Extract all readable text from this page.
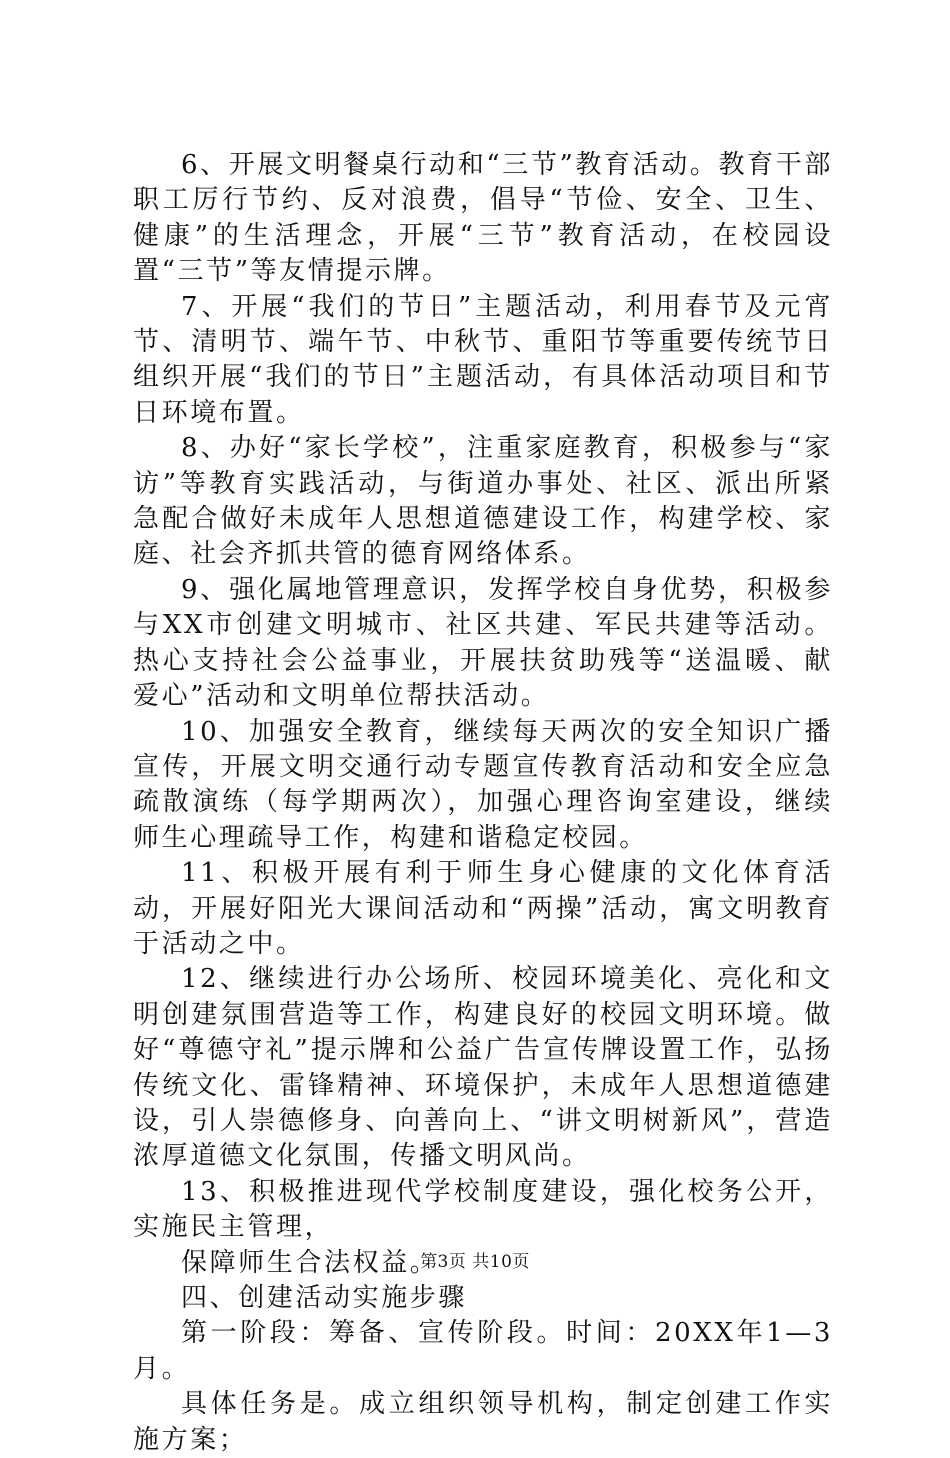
6、开展文明餐桌行动和“三节”教育活动。教育干部职工厉行节约、反对浪费，倡导“节俭、安全、卫生、健康”的生活理念，开展“三节”教育活动，在校园设置“三节”等友情提示牌。

7、开展“我们的节日”主题活动，利用春节及元宵节、清明节、端午节、中秋节、重阳节等重要传统节日组织开展“我们的节日”主题活动，有具体活动项目和节日环境布置。

8、办好“家长学校”，注重家庭教育，积极参与“家访”等教育实践活动，与街道办事处、社区、派出所紧急配合做好未成年人思想道德建设工作，构建学校、家庭、社会齐抓共管的德育网络体系。

9、强化属地管理意识，发挥学校自身优势，积极参与XX市创建文明城市、社区共建、军民共建等活动。热心支持社会公益事业，开展扶贫助残等“送温暖、献爱心”活动和文明单位帮扶活动。

10、加强安全教育，继续每天两次的安全知识广播宣传，开展文明交通行动专题宣传教育活动和安全应急疏散演练（每学期两次），加强心理咨询室建设，继续师生心理疏导工作，构建和谐稳定校园。

11、积极开展有利于师生身心健康的文化体育活动，开展好阳光大课间活动和“两操”活动，寓文明教育于活动之中。

12、继续进行办公场所、校园环境美化、亮化和文明创建氛围营造等工作，构建良好的校园文明环境。做好“尊德守礼”提示牌和公益广告宣传牌设置工作，弘扬传统文化、雷锋精神、环境保护，未成年人思想道德建设，引人崇德修身、向善向上、“讲文明树新风”，营造浓厚道德文化氛围，传播文明风尚。

13、积极推进现代学校制度建设，强化校务公开，实施民主管理，

保障师生合法权益。

四、创建活动实施步骤

第一阶段：筹备、宣传阶段。时间：20XX年1—3月。

具体任务是。成立组织领导机构，制定创建工作实施方案；

第3页 共10页
